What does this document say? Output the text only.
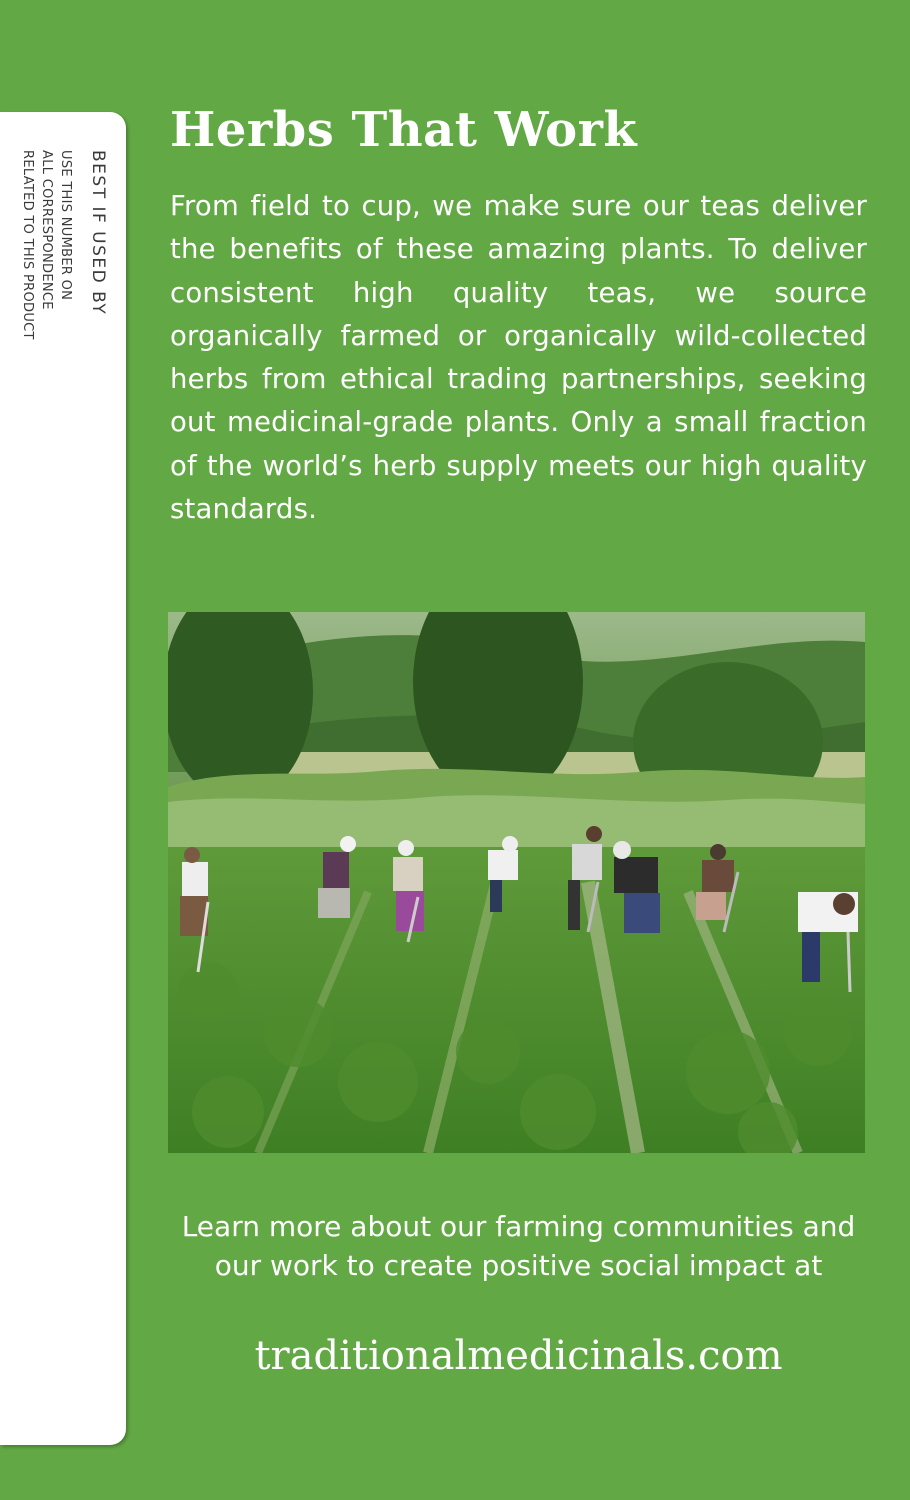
BEST IF USED BY
USE THIS NUMBER ON
ALL CORRESPONDENCE
RELATED TO THIS PRODUCT
Herbs That Work

From field to cup, we make sure our teas deliver the benefits of these amazing plants. To deliver consistent high quality teas, we source organically farmed or organically wild-collected herbs from ethical trading partnerships, seeking out medicinal-grade plants. Only a small fraction of the world’s herb supply meets our high quality standards.

Learn more about our farming communities and our work to create positive social impact at

traditionalmedicinals.com
